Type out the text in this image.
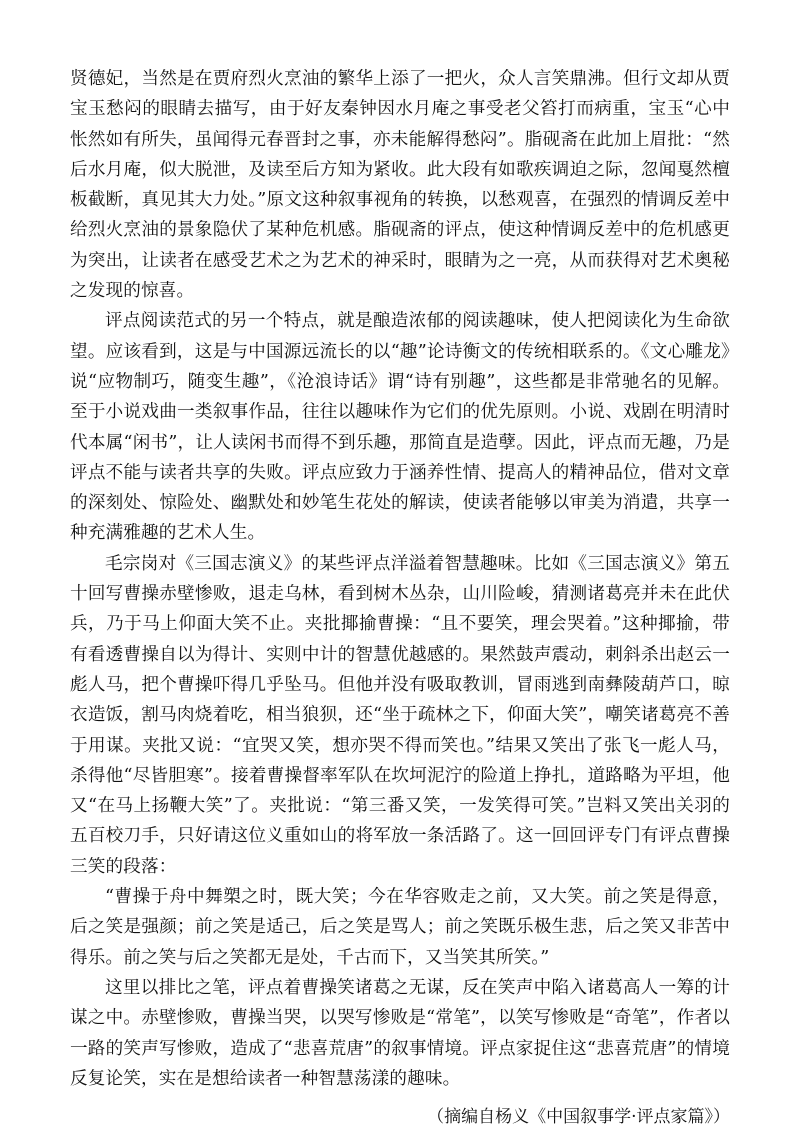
贤德妃，当然是在贾府烈火烹油的繁华上添了一把火，众人言笑鼎沸。但行文却从贾宝玉愁闷的眼睛去描写，由于好友秦钟因水月庵之事受老父笞打而病重，宝玉“心中怅然如有所失，虽闻得元春晋封之事，亦未能解得愁闷”。脂砚斋在此加上眉批：“然后水月庵，似大脱泄，及读至后方知为紧收。此大段有如歌疾调迫之际，忽闻戛然檀板截断，真见其大力处。”原文这种叙事视角的转换，以愁观喜，在强烈的情调反差中给烈火烹油的景象隐伏了某种危机感。脂砚斋的评点，使这种情调反差中的危机感更为突出，让读者在感受艺术之为艺术的神采时，眼睛为之一亮，从而获得对艺术奥秘之发现的惊喜。

评点阅读范式的另一个特点，就是酿造浓郁的阅读趣味，使人把阅读化为生命欲望。应该看到，这是与中国源远流长的以“趣”论诗衡文的传统相联系的。《文心雕龙》说“应物制巧，随变生趣”，《沧浪诗话》谓“诗有别趣”，这些都是非常驰名的见解。至于小说戏曲一类叙事作品，往往以趣味作为它们的优先原则。小说、戏剧在明清时代本属“闲书”，让人读闲书而得不到乐趣，那简直是造孽。因此，评点而无趣，乃是评点不能与读者共享的失败。评点应致力于涵养性情、提高人的精神品位，借对文章的深刻处、惊险处、幽默处和妙笔生花处的解读，使读者能够以审美为消遣，共享一种充满雅趣的艺术人生。

毛宗岗对《三国志演义》的某些评点洋溢着智慧趣味。比如《三国志演义》第五十回写曹操赤壁惨败，退走乌林，看到树木丛杂，山川险峻，猜测诸葛亮并未在此伏兵，乃于马上仰面大笑不止。夹批揶揄曹操：“且不要笑，理会哭着。”这种揶揄，带有看透曹操自以为得计、实则中计的智慧优越感的。果然鼓声震动，刺斜杀出赵云一彪人马，把个曹操吓得几乎坠马。但他并没有吸取教训，冒雨逃到南彝陵葫芦口，晾衣造饭，割马肉烧着吃，相当狼狈，还“坐于疏林之下，仰面大笑”，嘲笑诸葛亮不善于用谋。夹批又说：“宜哭又笑，想亦哭不得而笑也。”结果又笑出了张飞一彪人马，杀得他“尽皆胆寒”。接着曹操督率军队在坎坷泥泞的险道上挣扎，道路略为平坦，他又“在马上扬鞭大笑”了。夹批说：“第三番又笑，一发笑得可笑。”岂料又笑出关羽的五百校刀手，只好请这位义重如山的将军放一条活路了。这一回回评专门有评点曹操三笑的段落：

“曹操于舟中舞槊之时，既大笑；今在华容败走之前，又大笑。前之笑是得意，后之笑是强颜；前之笑是适己，后之笑是骂人；前之笑既乐极生悲，后之笑又非苦中得乐。前之笑与后之笑都无是处，千古而下，又当笑其所笑。”

这里以排比之笔，评点着曹操笑诸葛之无谋，反在笑声中陷入诸葛高人一筹的计谋之中。赤壁惨败，曹操当哭，以哭写惨败是“常笔”，以笑写惨败是“奇笔”，作者以一路的笑声写惨败，造成了“悲喜荒唐”的叙事情境。评点家捉住这“悲喜荒唐”的情境反复论笑，实在是想给读者一种智慧荡漾的趣味。

（摘编自杨义《中国叙事学·评点家篇》）
